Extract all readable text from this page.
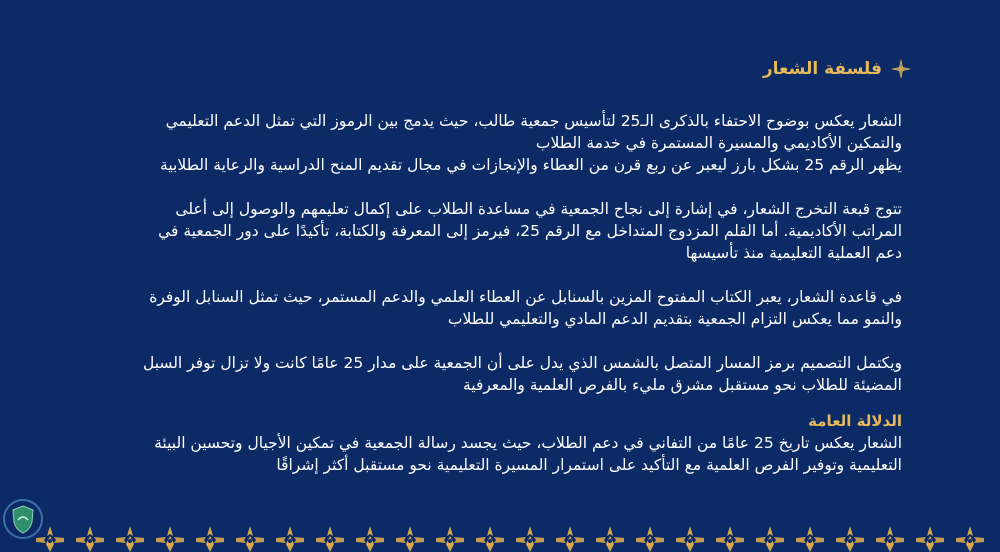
فلسفة الشعار

الشعار يعكس بوضوح الاحتفاء بالذكرى الـ25 لتأسيس جمعية طالب، حيث يدمج بين الرموز التي تمثل الدعم التعليمي

والتمكين الأكاديمي والمسيرة المستمرة في خدمة الطلاب

يظهر الرقم 25 بشكل بارز ليعبر عن ربع قرن من العطاء والإنجازات في مجال تقديم المنح الدراسية والرعاية الطلابية

تتوج قبعة التخرج الشعار، في إشارة إلى نجاح الجمعية في مساعدة الطلاب على إكمال تعليمهم والوصول إلى أعلى

المراتب الأكاديمية. أما القلم المزدوج المتداخل مع الرقم 25، فيرمز إلى المعرفة والكتابة، تأكيدًا على دور الجمعية في

دعم العملية التعليمية منذ تأسيسها

في قاعدة الشعار، يعبر الكتاب المفتوح المزين بالسنابل عن العطاء العلمي والدعم المستمر، حيث تمثل السنابل الوفرة

والنمو مما يعكس التزام الجمعية بتقديم الدعم المادي والتعليمي للطلاب

ويكتمل التصميم برمز المسار المتصل بالشمس الذي يدل على أن الجمعية على مدار 25 عامًا كانت ولا تزال توفر السبل

المضيئة للطلاب نحو مستقبل مشرق مليء بالفرص العلمية والمعرفية

الدلالة العامة

الشعار يعكس تاريخ 25 عامًا من التفاني في دعم الطلاب، حيث يجسد رسالة الجمعية في تمكين الأجيال وتحسين البيئة

التعليمية وتوفير الفرص العلمية مع التأكيد على استمرار المسيرة التعليمية نحو مستقبل أكثر إشراقًا
